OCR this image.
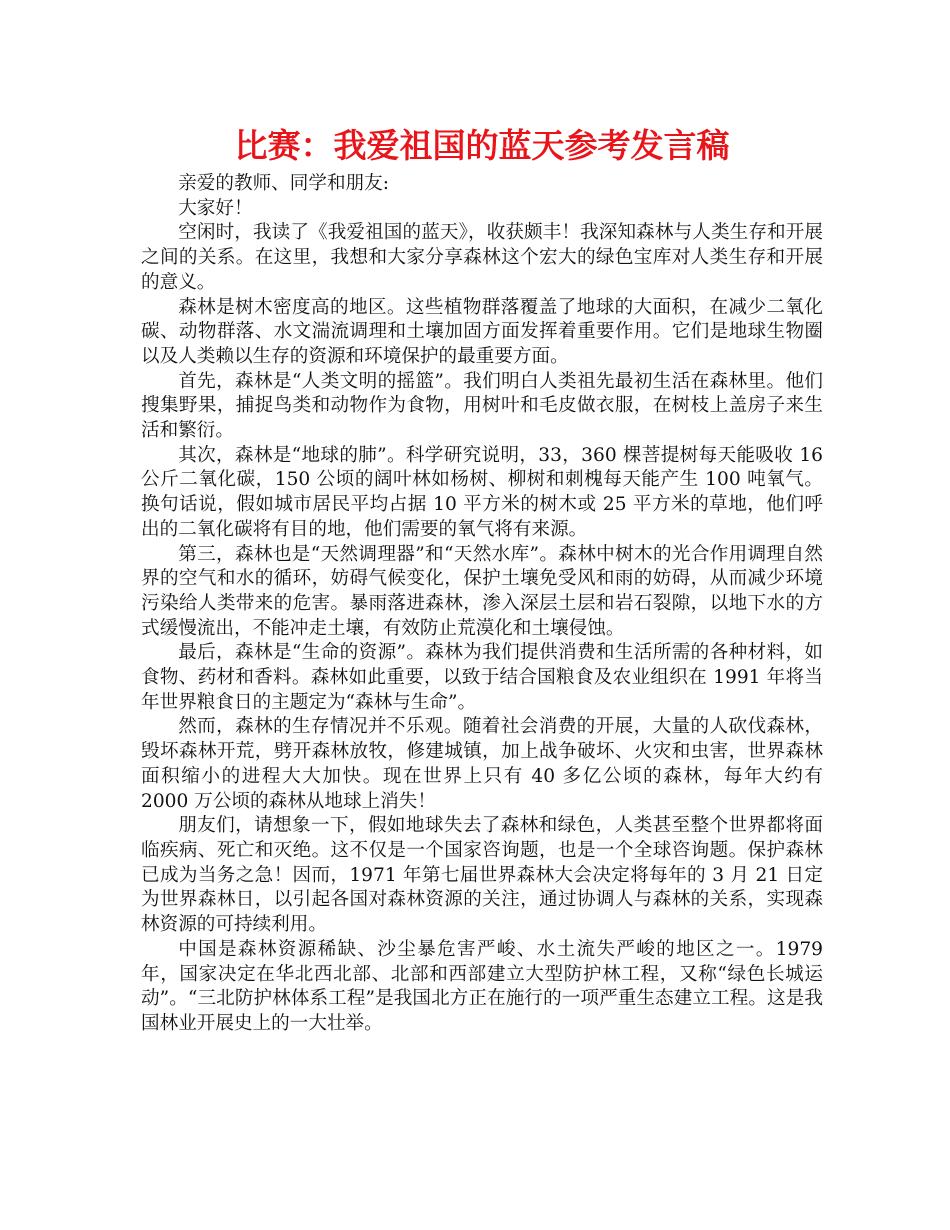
比赛：我爱祖国的蓝天参考发言稿

亲爱的教师、同学和朋友:

大家好！

空闲时，我读了《我爱祖国的蓝天》，收获颇丰！我深知森林与人类生存和开展之间的关系。在这里，我想和大家分享森林这个宏大的绿色宝库对人类生存和开展的意义。

森林是树木密度高的地区。这些植物群落覆盖了地球的大面积，在减少二氧化碳、动物群落、水文湍流调理和土壤加固方面发挥着重要作用。它们是地球生物圈以及人类赖以生存的资源和环境保护的最重要方面。

首先，森林是“人类文明的摇篮”。我们明白人类祖先最初生活在森林里。他们搜集野果，捕捉鸟类和动物作为食物，用树叶和毛皮做衣服，在树枝上盖房子来生活和繁衍。

其次，森林是“地球的肺”。科学研究说明，33，360 棵菩提树每天能吸收 16 公斤二氧化碳，150 公顷的阔叶林如杨树、柳树和刺槐每天能产生 100 吨氧气。换句话说，假如城市居民平均占据 10 平方米的树木或 25 平方米的草地，他们呼出的二氧化碳将有目的地，他们需要的氧气将有来源。

第三，森林也是“天然调理器”和“天然水库”。森林中树木的光合作用调理自然界的空气和水的循环，妨碍气候变化，保护土壤免受风和雨的妨碍，从而减少环境污染给人类带来的危害。暴雨落进森林，渗入深层土层和岩石裂隙，以地下水的方式缓慢流出，不能冲走土壤，有效防止荒漠化和土壤侵蚀。

最后，森林是“生命的资源”。森林为我们提供消费和生活所需的各种材料，如食物、药材和香料。森林如此重要，以致于结合国粮食及农业组织在 1991 年将当年世界粮食日的主题定为“森林与生命”。

然而，森林的生存情况并不乐观。随着社会消费的开展，大量的人砍伐森林，毁坏森林开荒，劈开森林放牧，修建城镇，加上战争破坏、火灾和虫害，世界森林面积缩小的进程大大加快。现在世界上只有 40 多亿公顷的森林，每年大约有 2000 万公顷的森林从地球上消失！

朋友们，请想象一下，假如地球失去了森林和绿色，人类甚至整个世界都将面临疾病、死亡和灭绝。这不仅是一个国家咨询题，也是一个全球咨询题。保护森林已成为当务之急！因而，1971 年第七届世界森林大会决定将每年的 3 月 21 日定为世界森林日，以引起各国对森林资源的关注，通过协调人与森林的关系，实现森林资源的可持续利用。

中国是森林资源稀缺、沙尘暴危害严峻、水土流失严峻的地区之一。1979 年，国家决定在华北西北部、北部和西部建立大型防护林工程，又称“绿色长城运动”。“三北防护林体系工程”是我国北方正在施行的一项严重生态建立工程。这是我国林业开展史上的一大壮举。
